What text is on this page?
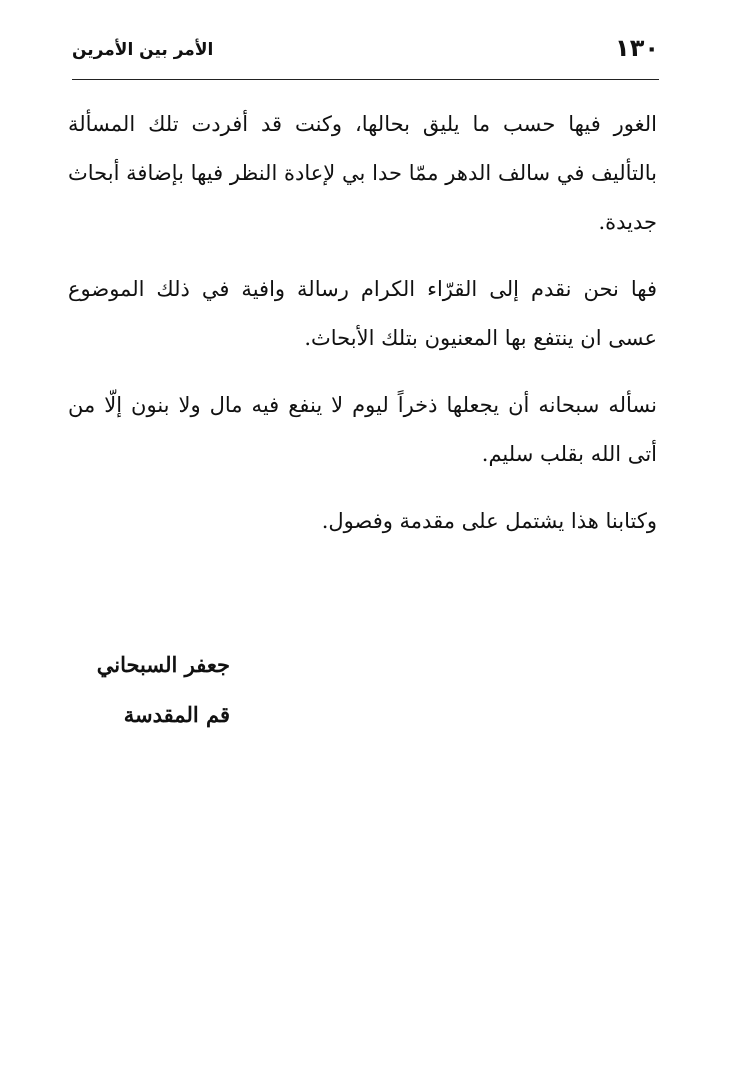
١٣٠
الأمر بين الأمرين

الغور فيها حسب ما يليق بحالها، وكنت قد أفردت تلك المسألة بالتأليف في سالف الدهر ممّا حدا بي لإعادة النظر فيها بإضافة أبحاث جديدة.

فها نحن نقدم إلى القرّاء الكرام رسالة وافية في ذلك الموضوع عسى ان ينتفع بها المعنيون بتلك الأبحاث.

نسأله سبحانه أن يجعلها ذخراً ليوم لا ينفع فيه مال ولا بنون إلّا من أتى الله بقلب سليم.

وكتابنا هذا يشتمل على مقدمة وفصول.

جعفر السبحاني
قم المقدسة
